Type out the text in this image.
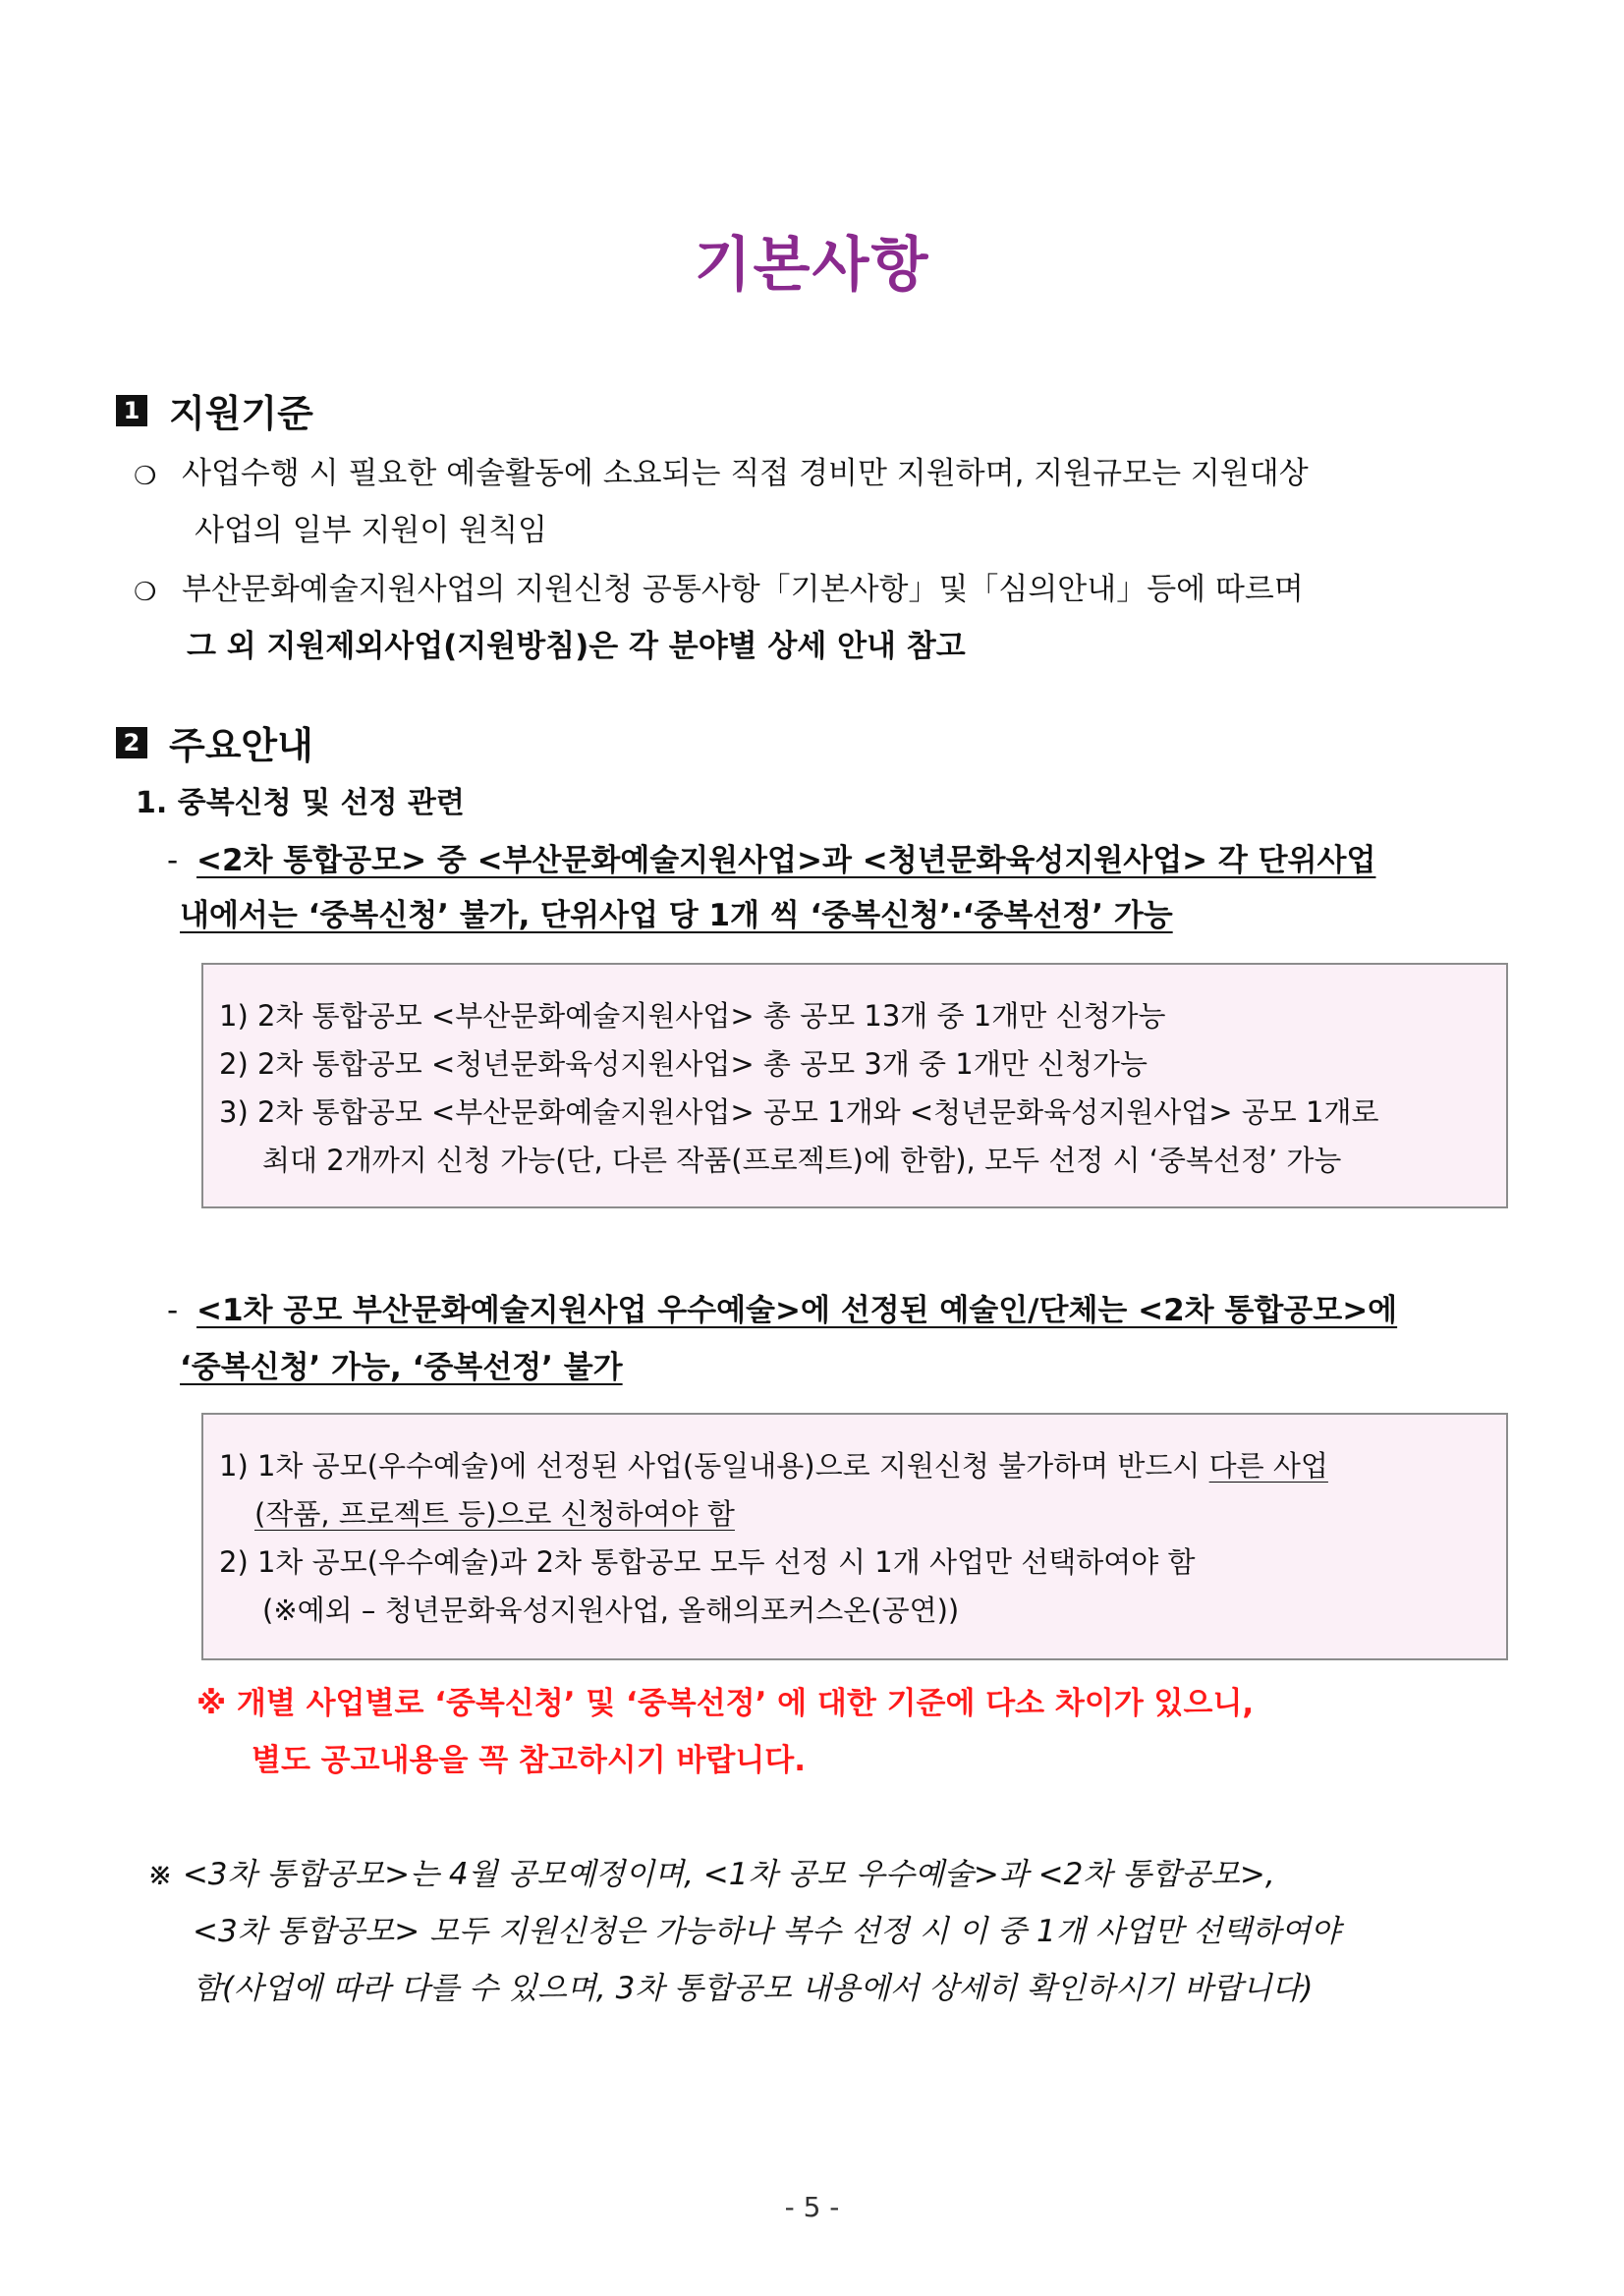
기본사항
1 지원기준
❍ 사업수행 시 필요한 예술활동에 소요되는 직접 경비만 지원하며, 지원규모는 지원대상
사업의 일부 지원이 원칙임
❍ 부산문화예술지원사업의 지원신청 공통사항「기본사항」및「심의안내」등에 따르며
그 외 지원제외사업(지원방침)은 각 분야별 상세 안내 참고
2 주요안내
1. 중복신청 및 선정 관련
- <2차 통합공모> 중 <부산문화예술지원사업>과 <청년문화육성지원사업> 각 단위사업
내에서는 ‘중복신청’ 불가, 단위사업 당 1개 씩 ‘중복신청’·‘중복선정’ 가능
1) 2차 통합공모 <부산문화예술지원사업> 총 공모 13개 중 1개만 신청가능
2) 2차 통합공모 <청년문화육성지원사업> 총 공모 3개 중 1개만 신청가능
3) 2차 통합공모 <부산문화예술지원사업> 공모 1개와 <청년문화육성지원사업> 공모 1개로
최대 2개까지 신청 가능(단, 다른 작품(프로젝트)에 한함), 모두 선정 시 ‘중복선정’ 가능
- <1차 공모 부산문화예술지원사업 우수예술>에 선정된 예술인/단체는 <2차 통합공모>에
‘중복신청’ 가능, ‘중복선정’ 불가
1) 1차 공모(우수예술)에 선정된 사업(동일내용)으로 지원신청 불가하며 반드시 다른 사업
(작품, 프로젝트 등)으로 신청하여야 함
2) 1차 공모(우수예술)과 2차 통합공모 모두 선정 시 1개 사업만 선택하여야 함
(※예외 – 청년문화육성지원사업, 올해의포커스온(공연))
※ 개별 사업별로 ‘중복신청’ 및 ‘중복선정’ 에 대한 기준에 다소 차이가 있으니,
별도 공고내용을 꼭 참고하시기 바랍니다.
※ <3차 통합공모>는 4월 공모예정이며, <1차 공모 우수예술>과 <2차 통합공모>,
<3차 통합공모> 모두 지원신청은 가능하나 복수 선정 시 이 중 1개 사업만 선택하여야
함(사업에 따라 다를 수 있으며, 3차 통합공모 내용에서 상세히 확인하시기 바랍니다)
- 5 -
